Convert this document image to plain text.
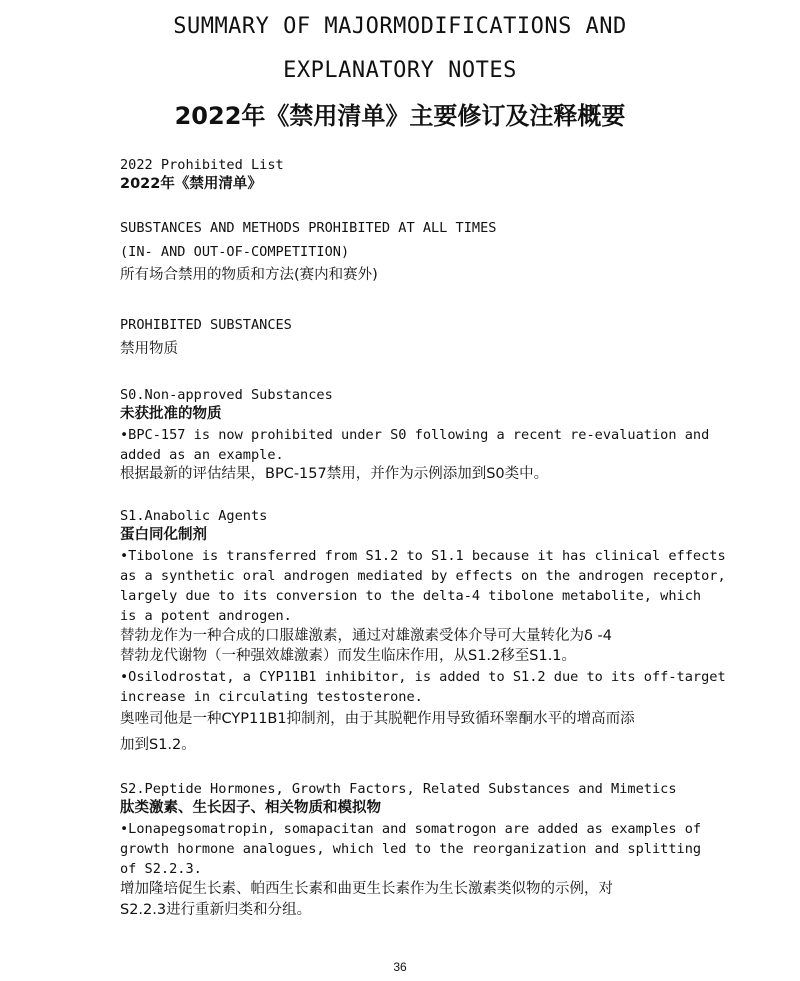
SUMMARY OF MAJORMODIFICATIONS AND
EXPLANATORY NOTES
2022年《禁用清单》主要修订及注释概要
2022 Prohibited List
2022年《禁用清单》
SUBSTANCES AND METHODS PROHIBITED AT ALL TIMES
(IN- AND OUT-OF-COMPETITION)
所有场合禁用的物质和方法(赛内和赛外)
PROHIBITED SUBSTANCES
禁用物质
S0.Non-approved Substances
未获批准的物质
•BPC-157 is now prohibited under S0 following a recent re-evaluation and
added as an example.
根据最新的评估结果，BPC-157禁用，并作为示例添加到S0类中。
S1.Anabolic Agents
蛋白同化制剂
•Tibolone is transferred from S1.2 to S1.1 because it has clinical effects
as a synthetic oral androgen mediated by effects on the androgen receptor,
largely due to its conversion to the delta-4 tibolone metabolite, which
is a potent androgen.
替勃龙作为一种合成的口服雄激素，通过对雄激素受体介导可大量转化为δ -4
替勃龙代谢物（一种强效雄激素）而发生临床作用，从S1.2移至S1.1。
•Osilodrostat, a CYP11B1 inhibitor, is added to S1.2 due to its off-target
increase in circulating testosterone.
奥唑司他是一种CYP11B1抑制剂，由于其脱靶作用导致循环睾酮水平的增高而添
加到S1.2。
S2.Peptide Hormones, Growth Factors, Related Substances and Mimetics
肽类激素、生长因子、相关物质和模拟物
•Lonapegsomatropin, somapacitan and somatrogon are added as examples of
growth hormone analogues, which led to the reorganization and splitting
of S2.2.3.
增加隆培促生长素、帕西生长素和曲更生长素作为生长激素类似物的示例，对
S2.2.3进行重新归类和分组。
36
